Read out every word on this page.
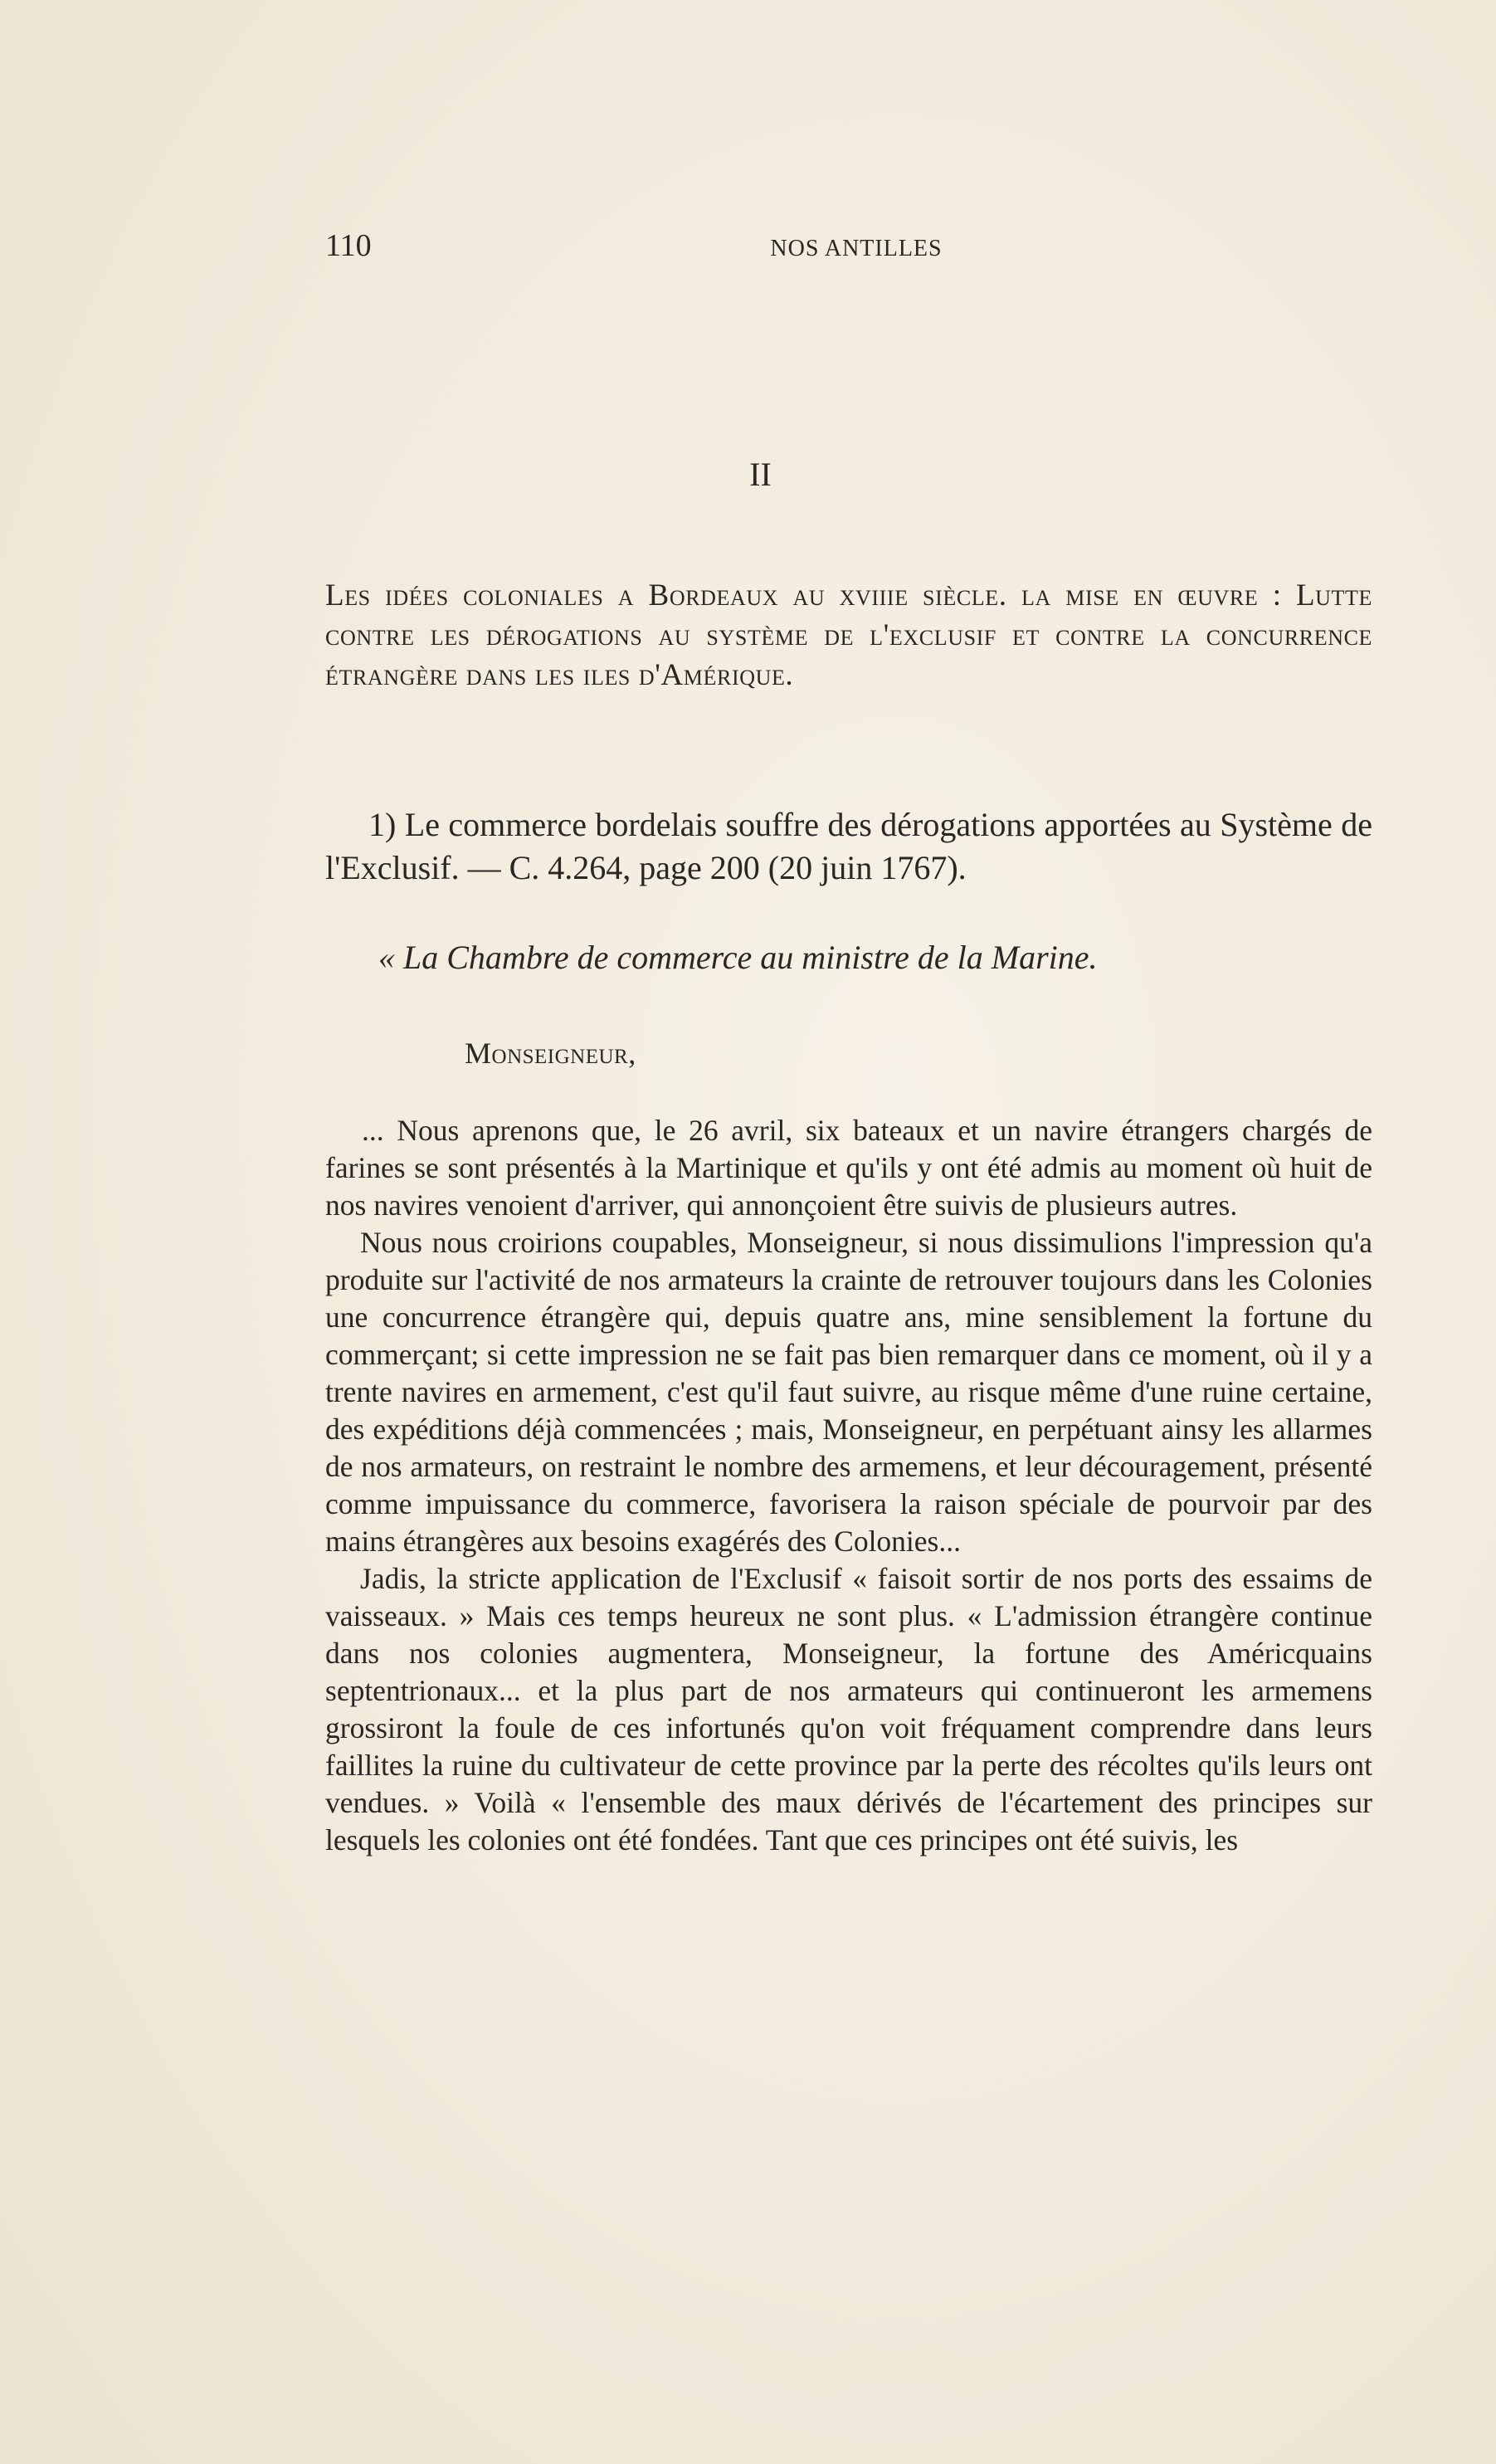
110	NOS ANTILLES
II
Les idées coloniales a Bordeaux au xviiie siècle. la mise en œuvre : Lutte contre les dérogations au système de l'exclusif et contre la concurrence étrangère dans les iles d'Amérique.
1) Le commerce bordelais souffre des dérogations apportées au Système de l'Exclusif. — C. 4.264, page 200 (20 juin 1767).
« La Chambre de commerce au ministre de la Marine.
Monseigneur,

... Nous aprenons que, le 26 avril, six bateaux et un navire étrangers chargés de farines se sont présentés à la Martinique et qu'ils y ont été admis au moment où huit de nos navires venoient d'arriver, qui annonçoient être suivis de plusieurs autres.

Nous nous croirions coupables, Monseigneur, si nous dissimulions l'impression qu'a produite sur l'activité de nos armateurs la crainte de retrouver toujours dans les Colonies une concurrence étrangère qui, depuis quatre ans, mine sensiblement la fortune du commerçant; si cette impression ne se fait pas bien remarquer dans ce moment, où il y a trente navires en armement, c'est qu'il faut suivre, au risque même d'une ruine certaine, des expéditions déjà commencées ; mais, Monseigneur, en perpétuant ainsy les allarmes de nos armateurs, on restraint le nombre des armemens, et leur découragement, présenté comme impuissance du commerce, favorisera la raison spéciale de pourvoir par des mains étrangères aux besoins exagérés des Colonies...

Jadis, la stricte application de l'Exclusif « faisoit sortir de nos ports des essaims de vaisseaux. » Mais ces temps heureux ne sont plus. « L'admission étrangère continue dans nos colonies augmentera, Monseigneur, la fortune des Américquains septentrionaux... et la plus part de nos armateurs qui continueront les armemens grossiront la foule de ces infortunés qu'on voit fréquament comprendre dans leurs faillites la ruine du cultivateur de cette province par la perte des récoltes qu'ils leurs ont vendues. » Voilà « l'ensemble des maux dérivés de l'écartement des principes sur lesquels les colonies ont été fondées. Tant que ces principes ont été suivis, les
